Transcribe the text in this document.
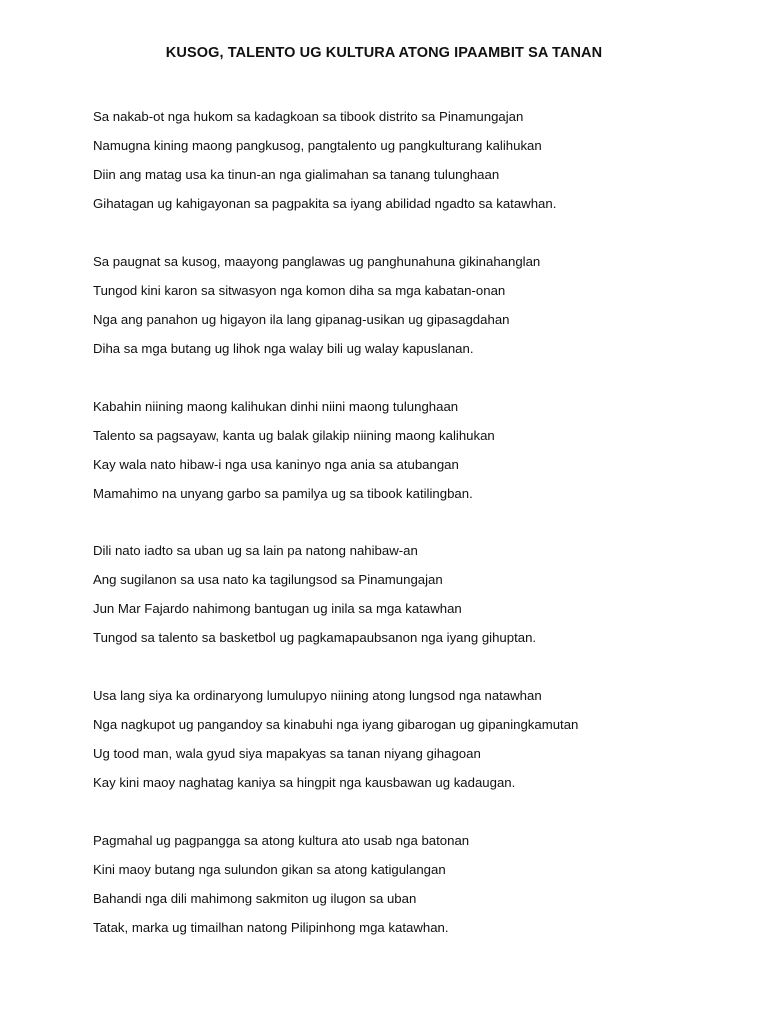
KUSOG, TALENTO UG KULTURA ATONG IPAAMBIT SA TANAN
Sa nakab-ot nga hukom sa kadagkoan sa tibook distrito sa Pinamungajan
Namugna kining maong pangkusog, pangtalento ug pangkulturang kalihukan
Diin ang matag usa ka tinun-an nga gialimahan sa tanang tulunghaan
Gihatagan ug kahigayonan sa pagpakita sa iyang abilidad ngadto sa katawhan.
Sa paugnat sa kusog, maayong panglawas ug panghunahuna gikinahanglan
Tungod kini karon sa sitwasyon nga komon diha sa mga kabatan-onan
Nga ang panahon ug higayon ila lang gipanag-usikan ug gipasagdahan
Diha sa mga butang ug lihok nga walay bili ug walay kapuslanan.
Kabahin niining maong kalihukan dinhi niini maong tulunghaan
Talento sa pagsayaw, kanta ug balak gilakip niining maong kalihukan
Kay wala nato hibaw-i nga usa kaninyo nga ania sa atubangan
Mamahimo na unyang garbo sa pamilya ug sa tibook katilingban.
Dili nato iadto sa uban ug sa lain pa natong nahibaw-an
Ang sugilanon sa usa nato ka tagilungsod sa Pinamungajan
Jun Mar Fajardo nahimong bantugan ug inila sa mga katawhan
Tungod sa talento sa basketbol ug pagkamapaubsanon nga iyang gihuptan.
Usa lang siya ka ordinaryong lumulupyo niining atong lungsod nga natawhan
Nga nagkupot ug pangandoy sa kinabuhi nga iyang gibarogan ug gipaningkamutan
Ug tood man, wala gyud siya mapakyas sa tanan niyang gihagoan
Kay kini maoy naghatag kaniya sa hingpit nga kausbawan ug kadaugan.
Pagmahal ug pagpangga sa atong kultura ato usab nga batonan
Kini maoy butang nga sulundon gikan sa atong katigulangan
Bahandi nga dili mahimong sakmiton ug ilugon sa uban
Tatak, marka ug timailhan natong Pilipinhong mga katawhan.
